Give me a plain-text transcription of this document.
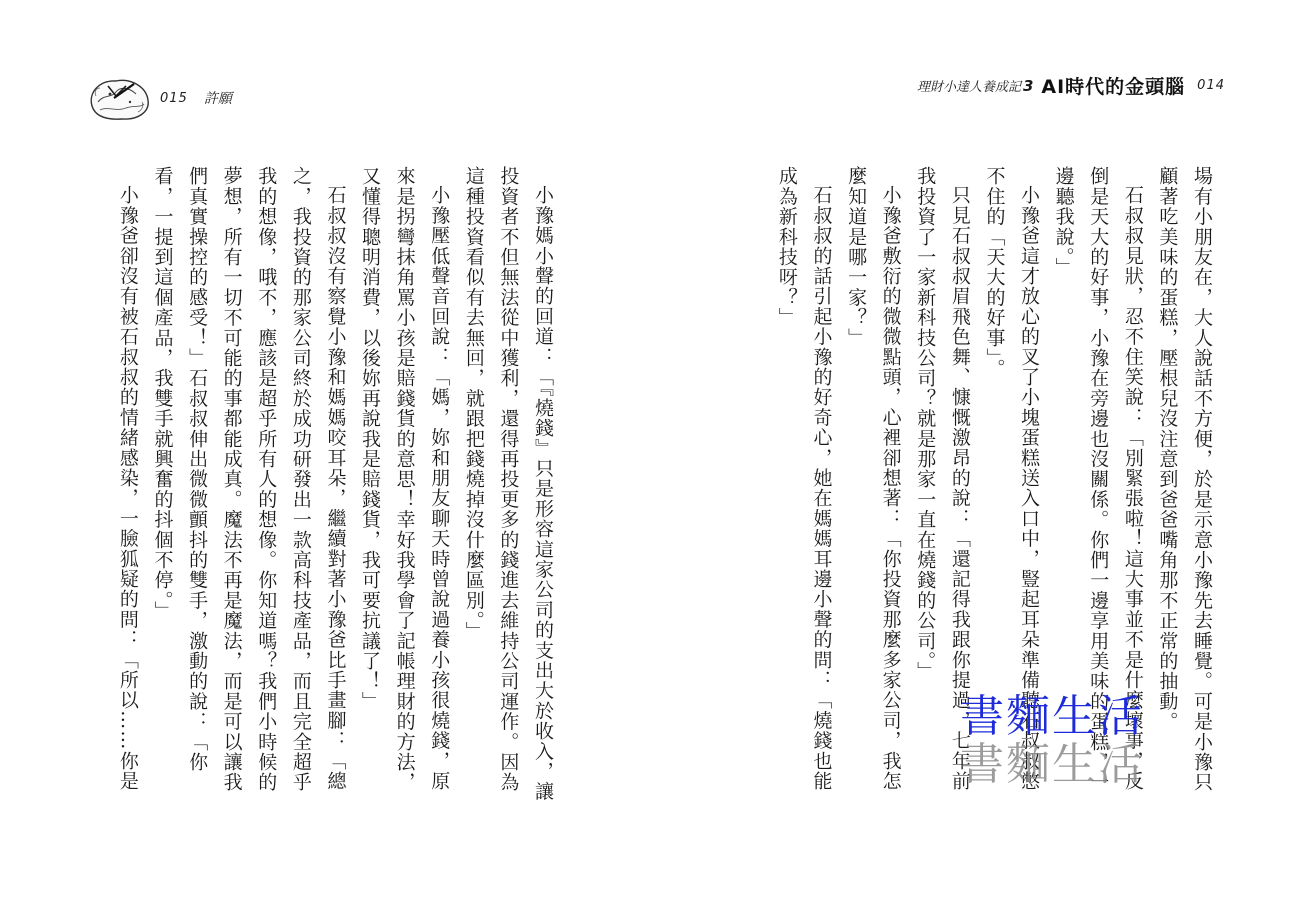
015 許願

小豫媽小聲的回道：「『燒錢』只是形容這家公司的支出大於收入，讓投資者不但無法從中獲利，還得再投更多的錢進去維持公司運作。因為這種投資看似有去無回，就跟把錢燒掉沒什麼區別。」

小豫壓低聲音回說：「媽，妳和朋友聊天時曾說過養小孩很燒錢，原來是拐彎抹角罵小孩是賠錢貨的意思！幸好我學會了記帳理財的方法，又懂得聰明消費，以後妳再說我是賠錢貨，我可要抗議了！」

石叔叔沒有察覺小豫和媽媽咬耳朵，繼續對著小豫爸比手畫腳：「總之，我投資的那家公司終於成功研發出一款高科技產品，而且完全超乎我的想像，哦不，應該是超乎所有人的想像。你知道嗎？我們小時候的夢想，所有一切不可能的事都能成真。魔法不再是魔法，而是可以讓我們真實操控的感受！」石叔叔伸出微微顫抖的雙手，激動的說：「你看，一提到這個產品，我雙手就興奮的抖個不停。」

小豫爸卻沒有被石叔叔的情緒感染，一臉狐疑的問：「所以……你是

理財小達人養成記 3 AI時代的金頭腦 014

場有小朋友在，大人說話不方便，於是示意小豫先去睡覺。可是小豫只顧著吃美味的蛋糕，壓根兒沒注意到爸爸嘴角那不正常的抽動。

石叔叔見狀，忍不住笑說：「別緊張啦！這大事並不是什麼壞事，反倒是天大的好事，小豫在旁邊也沒關係。你們一邊享用美味的蛋糕，一邊聽我說。」

小豫爸這才放心的叉了小塊蛋糕送入口中，豎起耳朵準備聽石叔叔憋不住的「天大的好事」。

只見石叔叔眉飛色舞、慷慨激昂的說：「還記得我跟你提過，七年前我投資了一家新科技公司？就是那家一直在燒錢的公司。」

小豫爸敷衍的微微點頭，心裡卻想著：「你投資那麼多家公司，我怎麼知道是哪一家？」

石叔叔的話引起小豫的好奇心，她在媽媽耳邊小聲的問：「燒錢也能成為新科技呀？」

書麵生活
書麵生活
